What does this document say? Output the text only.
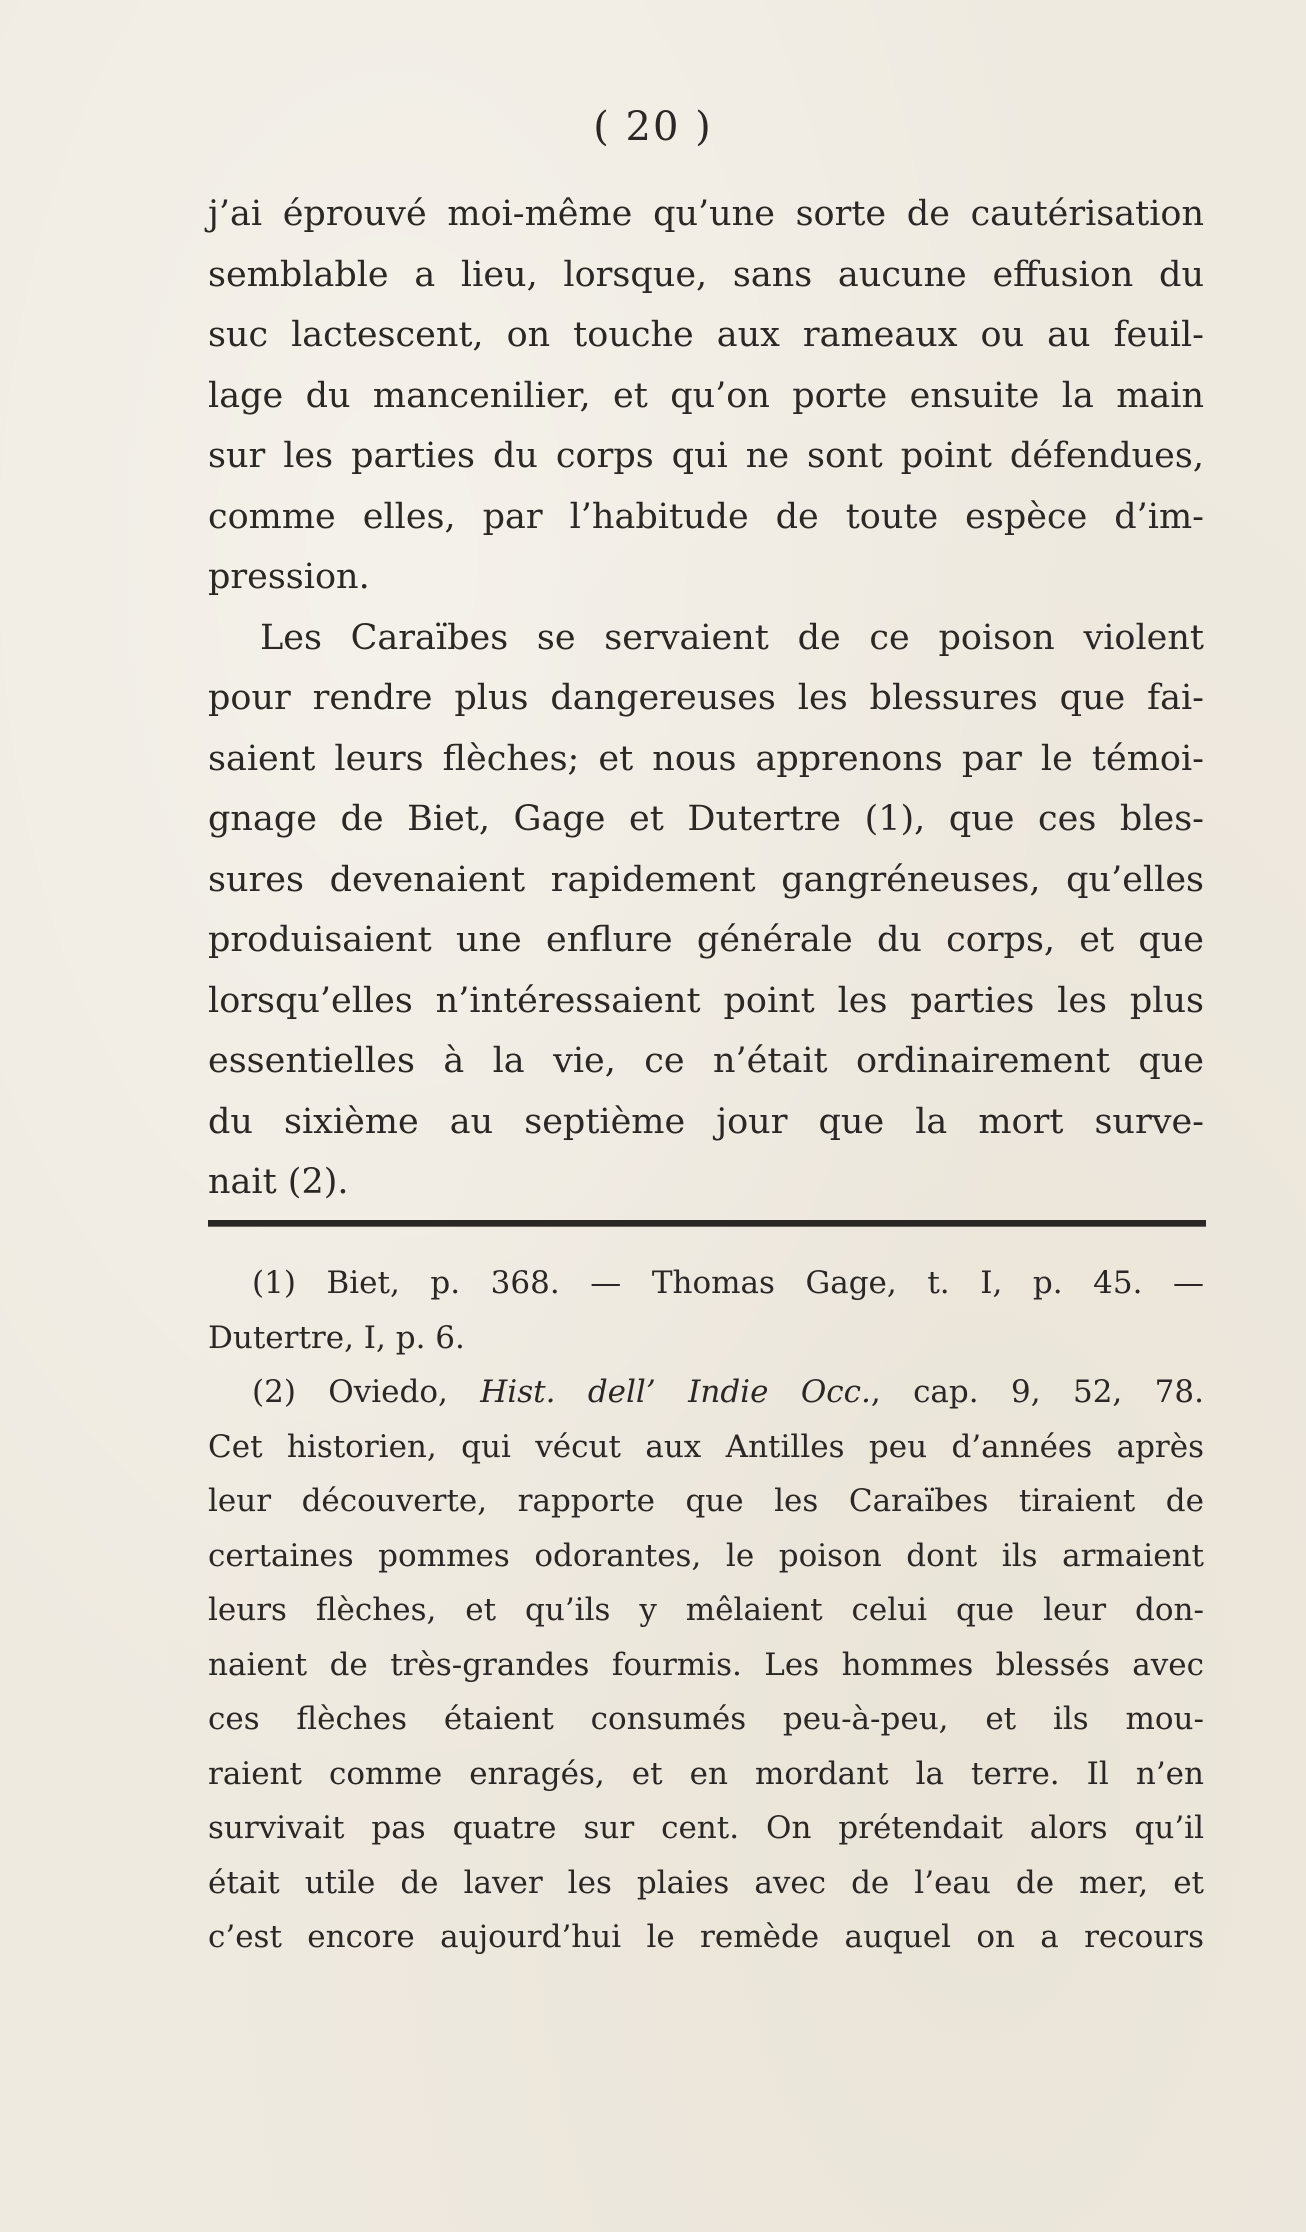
( 20 )
j’ai éprouvé moi-même qu’une sorte de cautérisation
semblable a lieu, lorsque, sans aucune effusion du
suc lactescent, on touche aux rameaux ou au feuil-
lage du mancenilier, et qu’on porte ensuite la main
sur les parties du corps qui ne sont point défendues,
comme elles, par l’habitude de toute espèce d’im-
pression.
Les Caraïbes se servaient de ce poison violent
pour rendre plus dangereuses les blessures que fai-
saient leurs flèches; et nous apprenons par le témoi-
gnage de Biet, Gage et Dutertre (1), que ces bles-
sures devenaient rapidement gangréneuses, qu’elles
produisaient une enflure générale du corps, et que
lorsqu’elles n’intéressaient point les parties les plus
essentielles à la vie, ce n’était ordinairement que
du sixième au septième jour que la mort surve-
nait (2).
(1) Biet, p. 368. — Thomas Gage, t. I, p. 45. —
Dutertre, I, p. 6.
(2) Oviedo, Hist. dell’ Indie Occ., cap. 9, 52, 78.
Cet historien, qui vécut aux Antilles peu d’années après
leur découverte, rapporte que les Caraïbes tiraient de
certaines pommes odorantes, le poison dont ils armaient
leurs flèches, et qu’ils y mêlaient celui que leur don-
naient de très-grandes fourmis. Les hommes blessés avec
ces flèches étaient consumés peu-à-peu, et ils mou-
raient comme enragés, et en mordant la terre. Il n’en
survivait pas quatre sur cent. On prétendait alors qu’il
était utile de laver les plaies avec de l’eau de mer, et
c’est encore aujourd’hui le remède auquel on a recours
